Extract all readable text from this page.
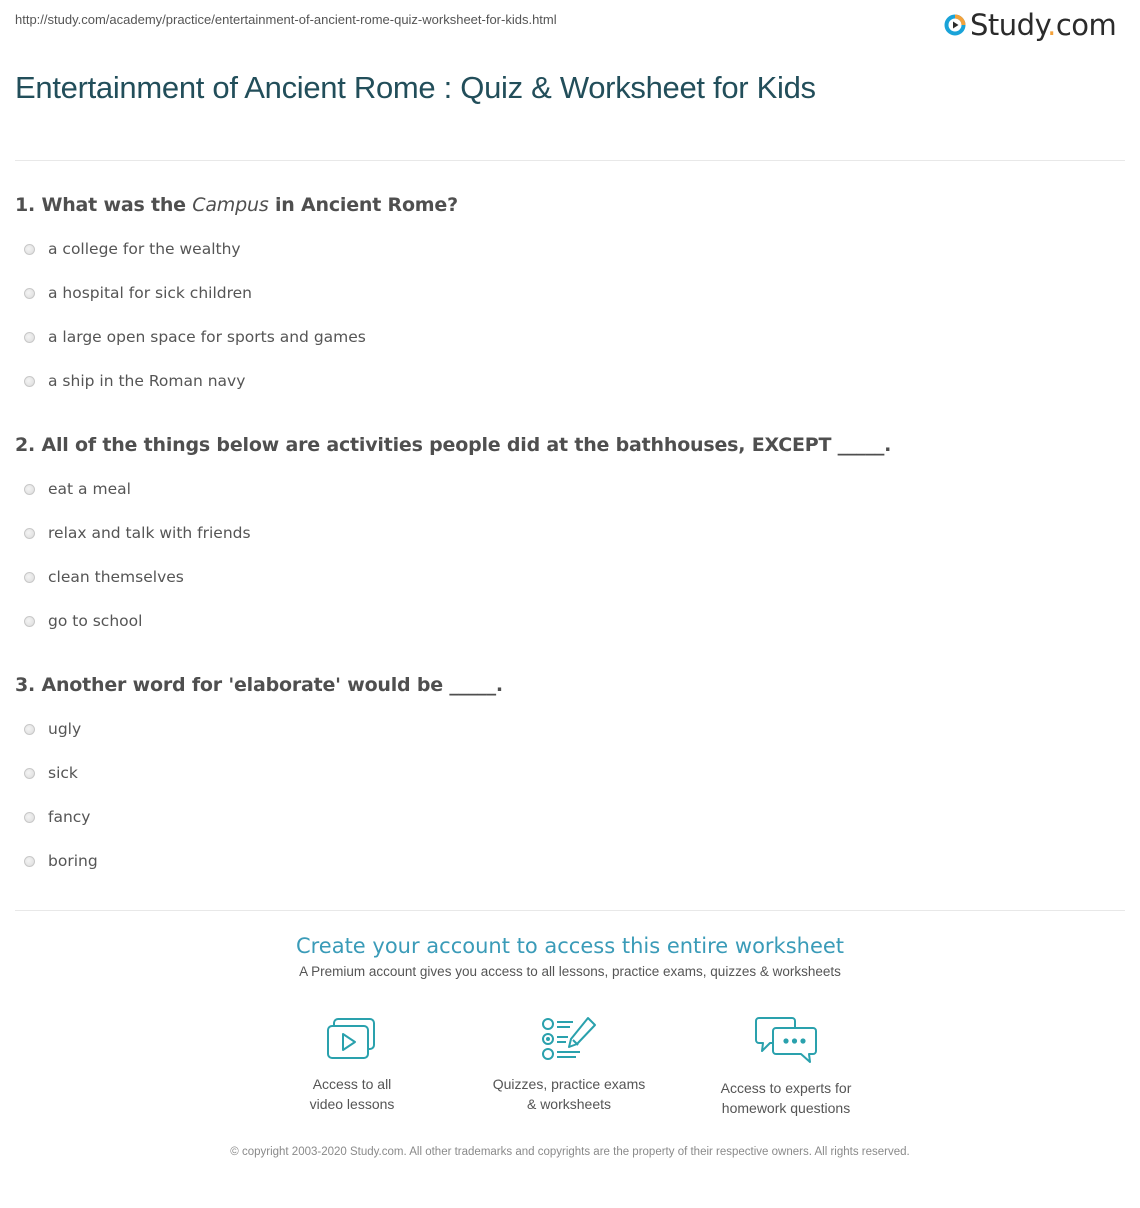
http://study.com/academy/practice/entertainment-of-ancient-rome-quiz-worksheet-for-kids.html	Study.com
Entertainment of Ancient Rome : Quiz & Worksheet for Kids
1. What was the Campus in Ancient Rome?
a college for the wealthy
a hospital for sick children
a large open space for sports and games
a ship in the Roman navy
2. All of the things below are activities people did at the bathhouses, EXCEPT _____.
eat a meal
relax and talk with friends
clean themselves
go to school
3. Another word for 'elaborate' would be _____.
ugly
sick
fancy
boring
Create your account to access this entire worksheet
A Premium account gives you access to all lessons, practice exams, quizzes & worksheets
Access to all
video lessons
Quizzes, practice exams
& worksheets
Access to experts for
homework questions
© copyright 2003-2020 Study.com. All other trademarks and copyrights are the property of their respective owners. All rights reserved.
